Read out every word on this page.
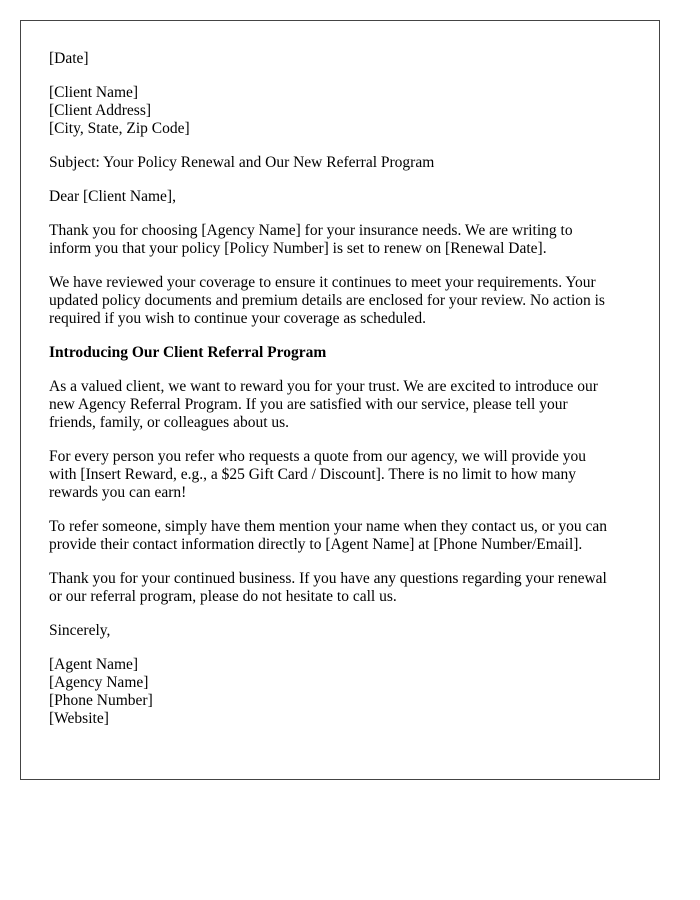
[Date]
[Client Name]
[Client Address]
[City, State, Zip Code]
Subject: Your Policy Renewal and Our New Referral Program
Dear [Client Name],
Thank you for choosing [Agency Name] for your insurance needs. We are writing to
inform you that your policy [Policy Number] is set to renew on [Renewal Date].
We have reviewed your coverage to ensure it continues to meet your requirements. Your
updated policy documents and premium details are enclosed for your review. No action is
required if you wish to continue your coverage as scheduled.
Introducing Our Client Referral Program
As a valued client, we want to reward you for your trust. We are excited to introduce our
new Agency Referral Program. If you are satisfied with our service, please tell your
friends, family, or colleagues about us.
For every person you refer who requests a quote from our agency, we will provide you
with [Insert Reward, e.g., a $25 Gift Card / Discount]. There is no limit to how many
rewards you can earn!
To refer someone, simply have them mention your name when they contact us, or you can
provide their contact information directly to [Agent Name] at [Phone Number/Email].
Thank you for your continued business. If you have any questions regarding your renewal
or our referral program, please do not hesitate to call us.
Sincerely,
[Agent Name]
[Agency Name]
[Phone Number]
[Website]
